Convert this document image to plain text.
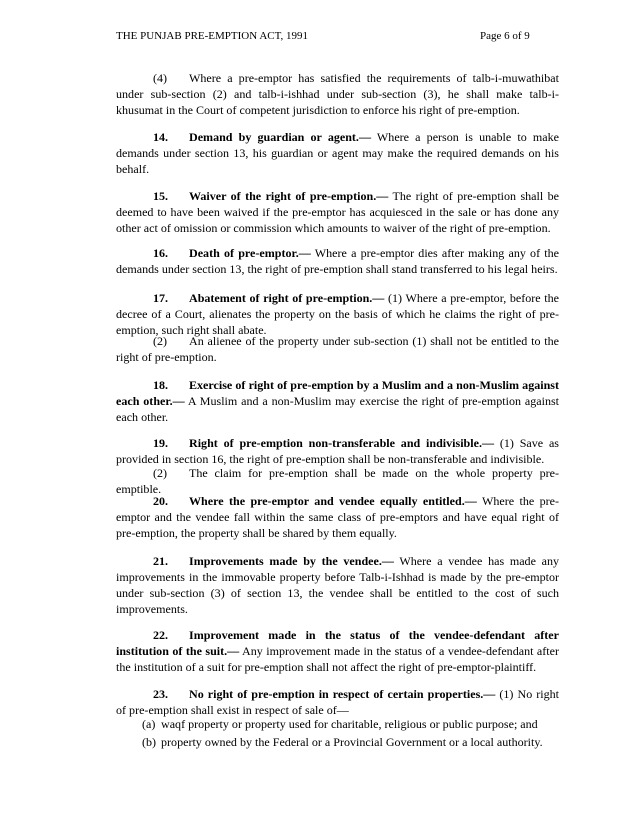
THE PUNJAB PRE-EMPTION ACT, 1991	Page 6 of 9
(4) Where a pre-emptor has satisfied the requirements of talb-i-muwathibat under sub-section (2) and talb-i-ishhad under sub-section (3), he shall make talb-i-khusumat in the Court of competent jurisdiction to enforce his right of pre-emption.
14. Demand by guardian or agent.— Where a person is unable to make demands under section 13, his guardian or agent may make the required demands on his behalf.
15. Waiver of the right of pre-emption.— The right of pre-emption shall be deemed to have been waived if the pre-emptor has acquiesced in the sale or has done any other act of omission or commission which amounts to waiver of the right of pre-emption.
16. Death of pre-emptor.— Where a pre-emptor dies after making any of the demands under section 13, the right of pre-emption shall stand transferred to his legal heirs.
17. Abatement of right of pre-emption.— (1) Where a pre-emptor, before the decree of a Court, alienates the property on the basis of which he claims the right of pre-emption, such right shall abate.
(2) An alienee of the property under sub-section (1) shall not be entitled to the right of pre-emption.
18. Exercise of right of pre-emption by a Muslim and a non-Muslim against each other.— A Muslim and a non-Muslim may exercise the right of pre-emption against each other.
19. Right of pre-emption non-transferable and indivisible.— (1) Save as provided in section 16, the right of pre-emption shall be non-transferable and indivisible.
(2) The claim for pre-emption shall be made on the whole property pre-emptible.
20. Where the pre-emptor and vendee equally entitled.— Where the pre-emptor and the vendee fall within the same class of pre-emptors and have equal right of pre-emption, the property shall be shared by them equally.
21. Improvements made by the vendee.— Where a vendee has made any improvements in the immovable property before Talb-i-Ishhad is made by the pre-emptor under sub-section (3) of section 13, the vendee shall be entitled to the cost of such improvements.
22. Improvement made in the status of the vendee-defendant after institution of the suit.— Any improvement made in the status of a vendee-defendant after the institution of a suit for pre-emption shall not affect the right of pre-emptor-plaintiff.
23. No right of pre-emption in respect of certain properties.— (1) No right of pre-emption shall exist in respect of sale of—
(a) waqf property or property used for charitable, religious or public purpose; and
(b) property owned by the Federal or a Provincial Government or a local authority.
